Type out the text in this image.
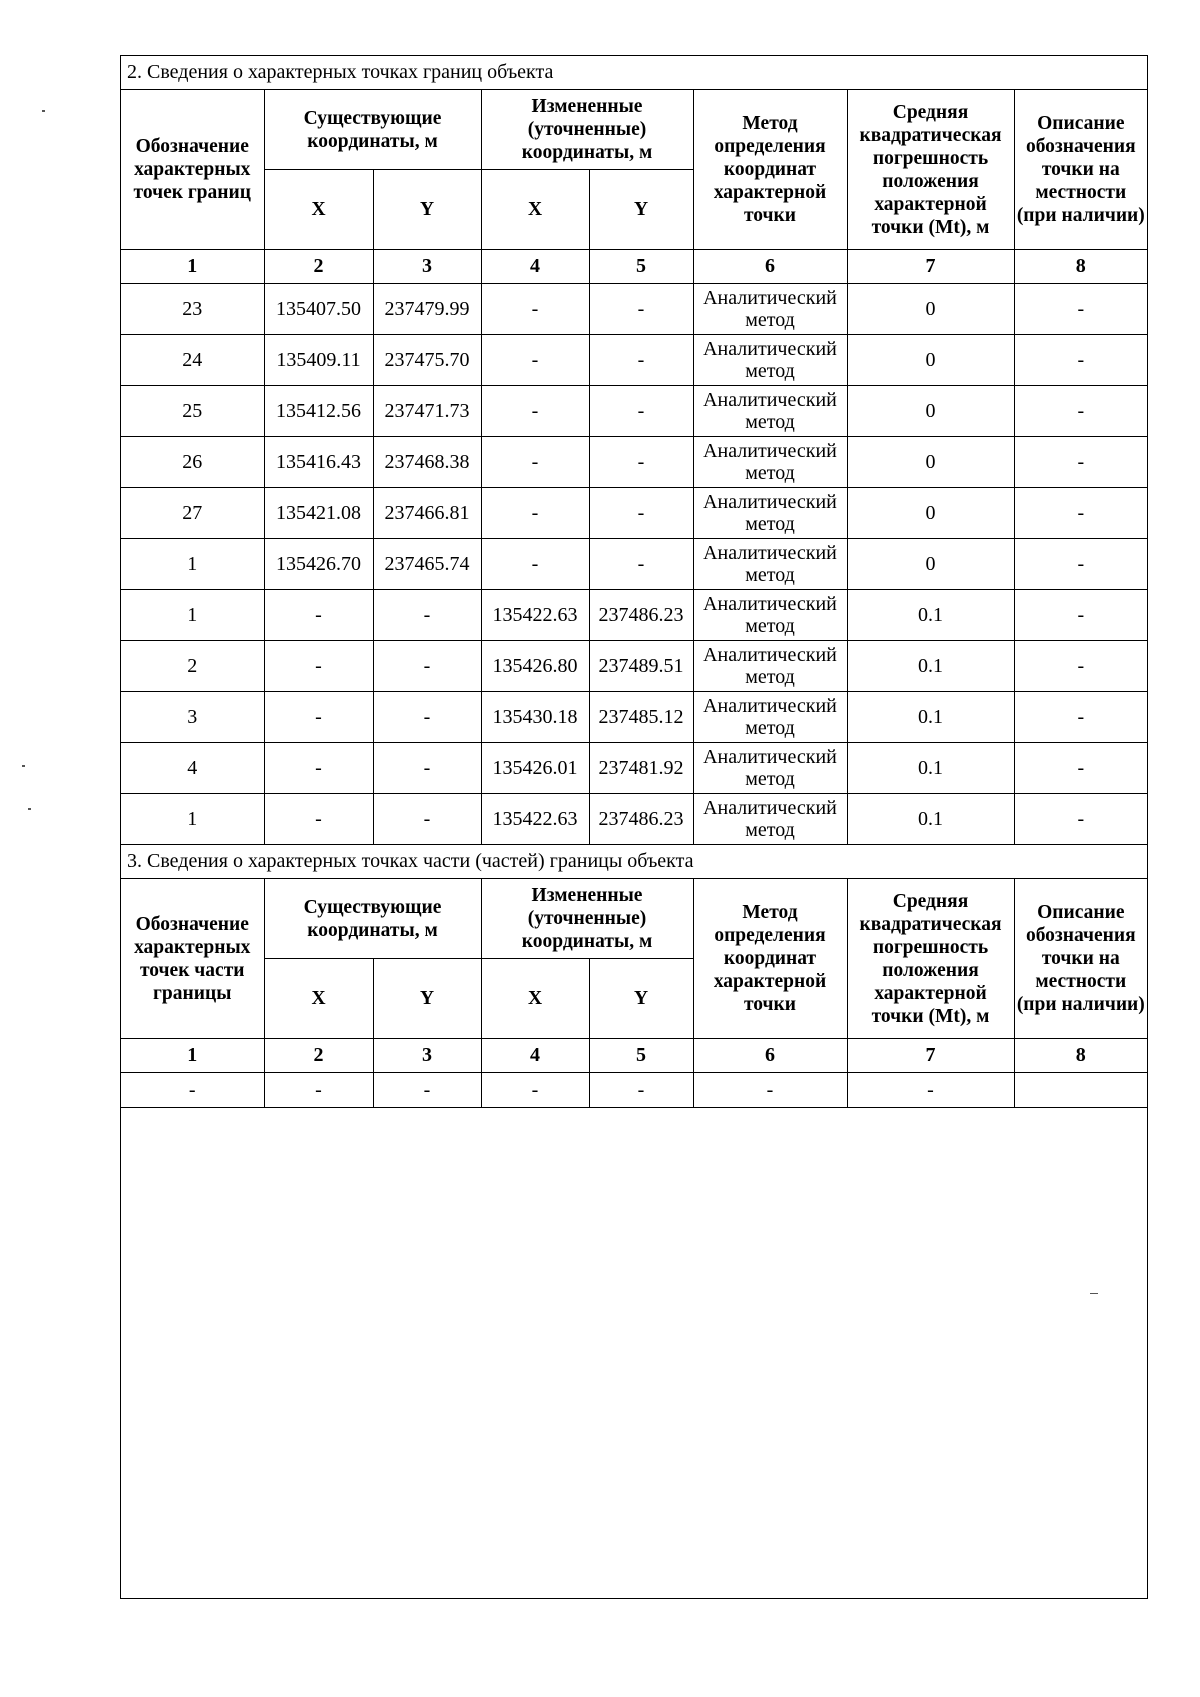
2. Сведения о характерных точках границ объекта							
Обозначение характерных точек границ	Существующие координаты, м		Измененные (уточненные) координаты, м		Метод определения координат характерной точки	Средняя квадратическая погрешность положения характерной точки (Mt), м	Описание обозначения точки на местности (при наличии)
	X	Y	X	Y			
1	2	3	4	5	6	7	8
23	135407.50	237479.99	-	-	Аналитический метод	0	-
24	135409.11	237475.70	-	-	Аналитический метод	0	-
25	135412.56	237471.73	-	-	Аналитический метод	0	-
26	135416.43	237468.38	-	-	Аналитический метод	0	-
27	135421.08	237466.81	-	-	Аналитический метод	0	-
1	135426.70	237465.74	-	-	Аналитический метод	0	-
1	-	-	135422.63	237486.23	Аналитический метод	0.1	-
2	-	-	135426.80	237489.51	Аналитический метод	0.1	-
3	-	-	135430.18	237485.12	Аналитический метод	0.1	-
4	-	-	135426.01	237481.92	Аналитический метод	0.1	-
1	-	-	135422.63	237486.23	Аналитический метод	0.1	-
3. Сведения о характерных точках части (частей) границы объекта							
Обозначение характерных точек части границы	Существующие координаты, м		Измененные (уточненные) координаты, м		Метод определения координат характерной точки	Средняя квадратическая погрешность положения характерной точки (Mt), м	Описание обозначения точки на местности (при наличии)
	X	Y	X	Y			
1	2	3	4	5	6	7	8
-	-	-	-	-	-	-	
